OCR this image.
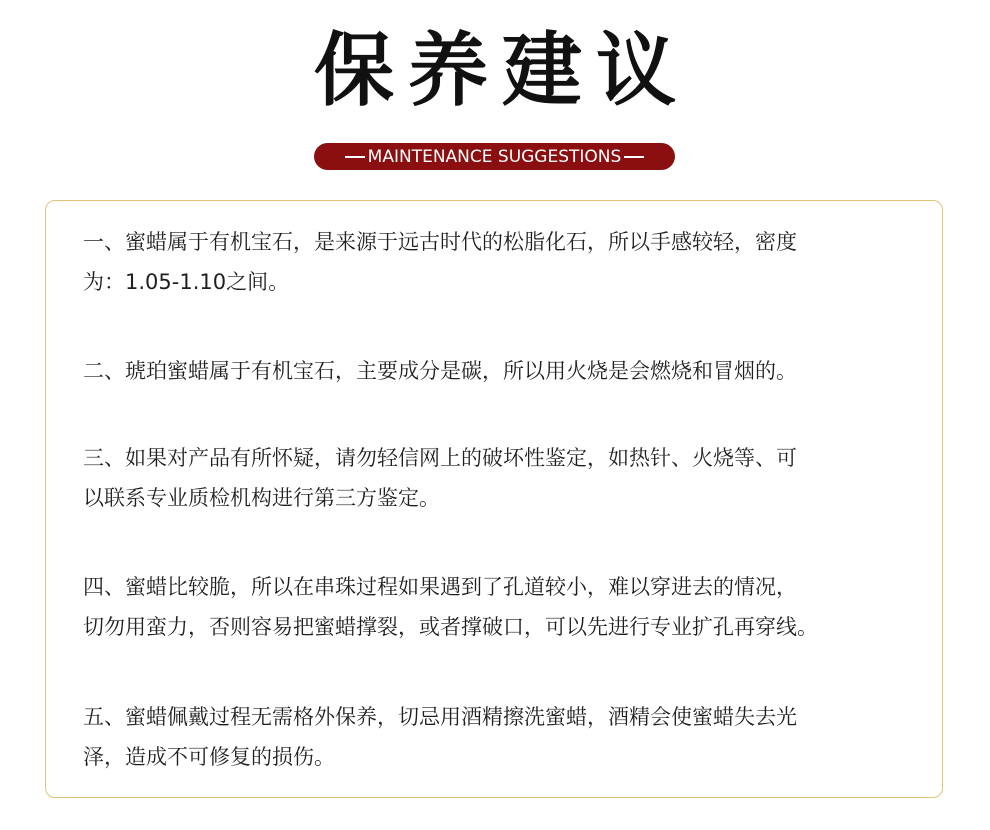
保养建议
MAINTENANCE SUGGESTIONS
一、蜜蜡属于有机宝石，是来源于远古时代的松脂化石，所以手感较轻，密度
为：1.05-1.10之间。
二、琥珀蜜蜡属于有机宝石，主要成分是碳，所以用火烧是会燃烧和冒烟的。
三、如果对产品有所怀疑，请勿轻信网上的破坏性鉴定，如热针、火烧等、可
以联系专业质检机构进行第三方鉴定。
四、蜜蜡比较脆，所以在串珠过程如果遇到了孔道较小，难以穿进去的情况，
切勿用蛮力，否则容易把蜜蜡撑裂，或者撑破口，可以先进行专业扩孔再穿线。
五、蜜蜡佩戴过程无需格外保养，切忌用酒精擦洗蜜蜡，酒精会使蜜蜡失去光
泽，造成不可修复的损伤。
